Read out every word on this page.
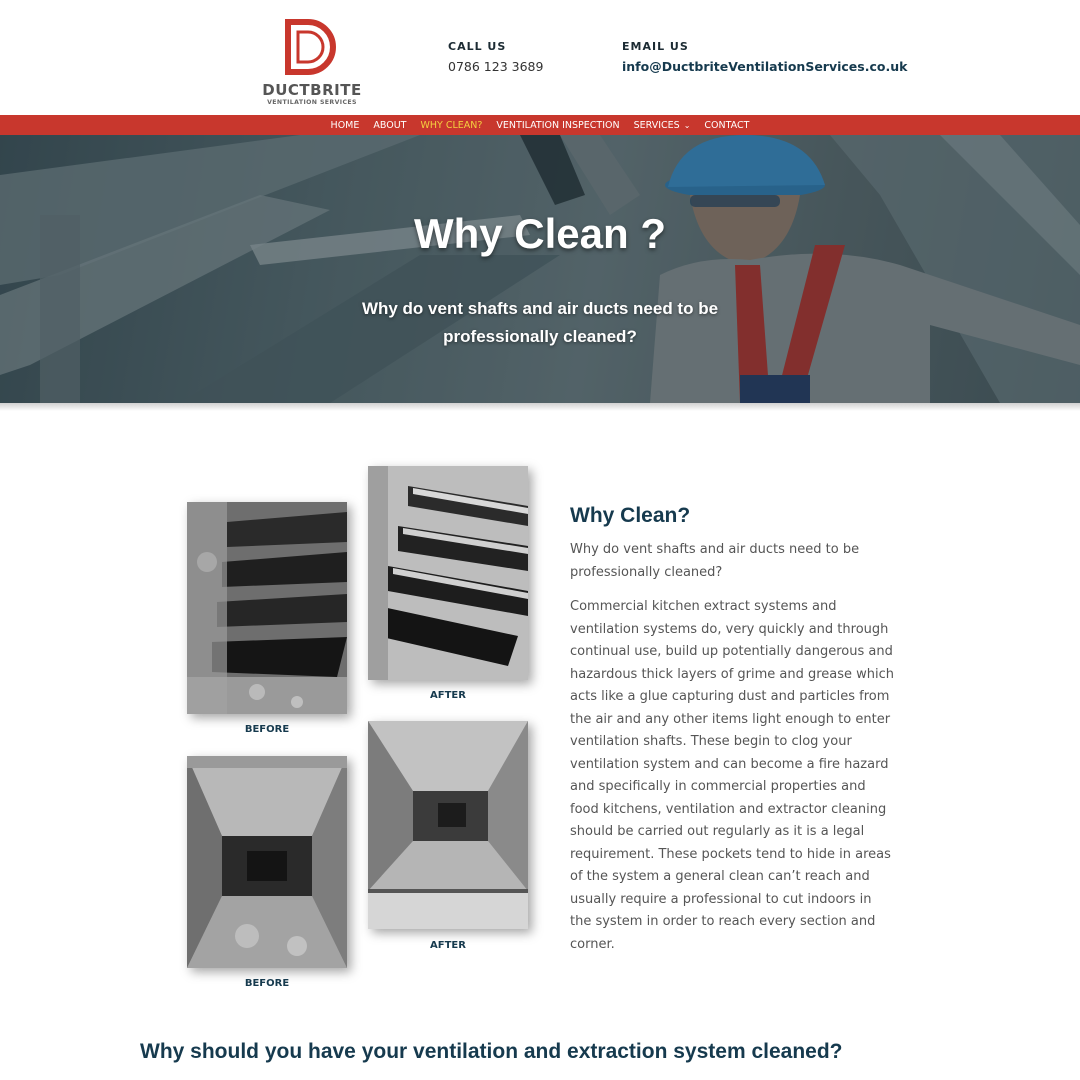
DUCTBRITE
VENTILATION SERVICES
CALL US
0786 123 3689
EMAIL US
info@DuctbriteVentilationServices.co.uk
HOME ABOUT WHY CLEAN? VENTILATION INSPECTION SERVICES ⌄ CONTACT
Why Clean ?
Why do vent shafts and air ducts need to be professionally cleaned?
BEFORE
AFTER
BEFORE
AFTER
Why Clean?
Why do vent shafts and air ducts need to be professionally cleaned?
Commercial kitchen extract systems and ventilation systems do, very quickly and through continual use, build up potentially dangerous and hazardous thick layers of grime and grease which acts like a glue capturing dust and particles from the air and any other items light enough to enter ventilation shafts. These begin to clog your ventilation system and can become a fire hazard and specifically in commercial properties and food kitchens, ventilation and extractor cleaning should be carried out regularly as it is a legal requirement. These pockets tend to hide in areas of the system a general clean can’t reach and usually require a professional to cut indoors in the system in order to reach every section and corner.
Why should you have your ventilation and extraction system cleaned?
